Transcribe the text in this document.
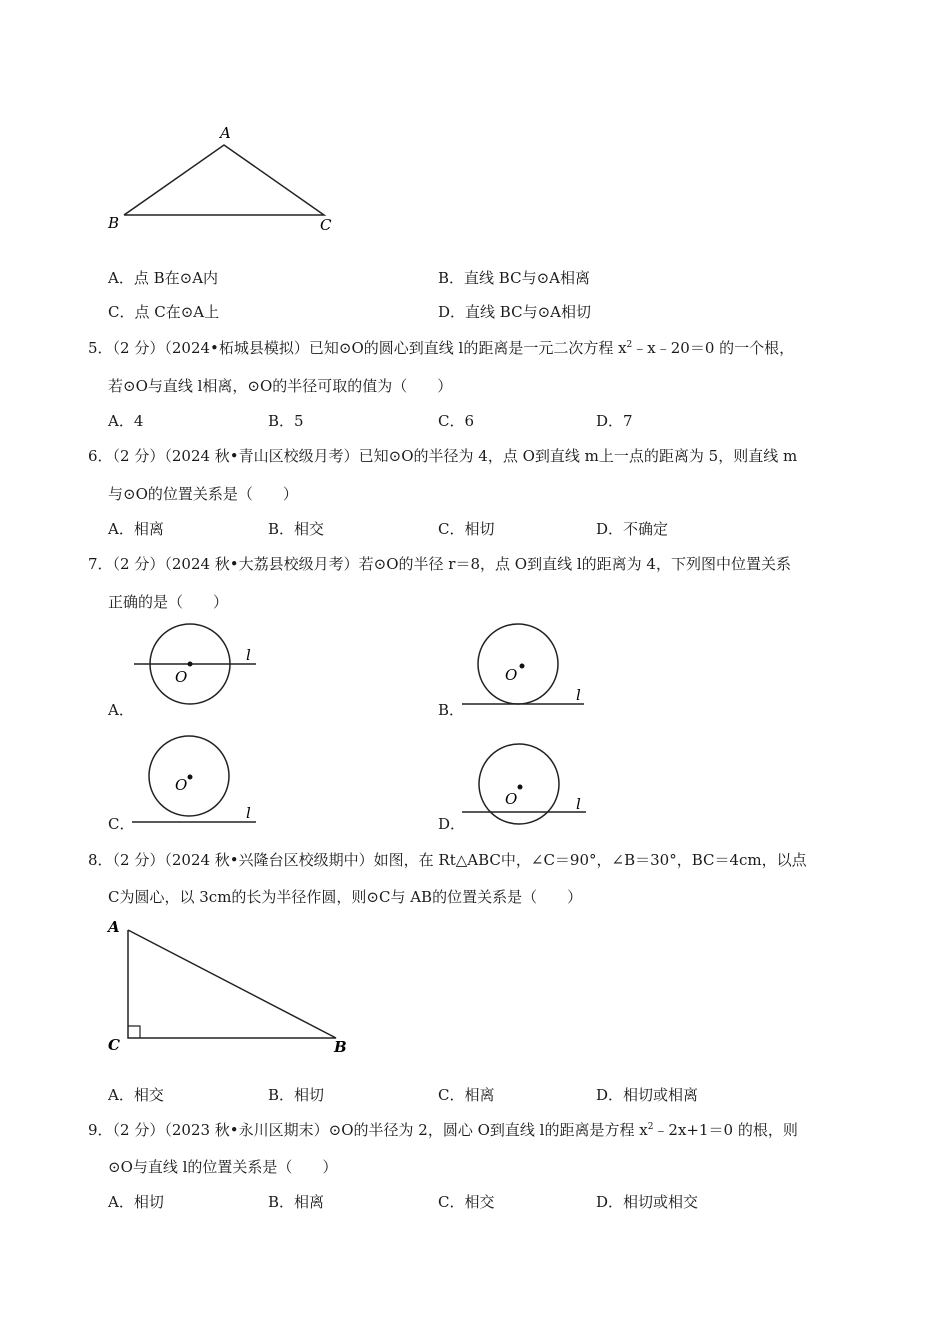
A
B	C
A．点 B在⊙A内	B．直线 BC与⊙A相离
C．点 C在⊙A上	D．直线 BC与⊙A相切
5．（2 分）（2024•柘城县模拟）已知⊙O的圆心到直线 l的距离是一元二次方程 $x^2﹣x﹣20=0$ 的一个根，
若⊙O与直线 l相离，⊙O的半径可取的值为（　　）
A．4	B．5	C．6	D．7
6．（2 分）（2024 秋•青山区校级月考）已知⊙O的半径为 4，点 O到直线 m上一点的距离为 5，则直线 m
与⊙O的位置关系是（　　）
A．相离	B．相交	C．相切	D．不确定
7．（2 分）（2024 秋•大荔县校级月考）若⊙O的半径 r＝8，点 O到直线 l的距离为 4，下列图中位置关系
正确的是（　　）
A．
O
l
B．
O
l
C．
O
l
D．
O	l
8．（2 分）（2024 秋•兴隆台区校级期中）如图，在 Rt△ABC中，∠C＝90°，∠B＝30°，BC＝4cm，以点
C为圆心，以 3cm的长为半径作圆，则⊙C与 AB的位置关系是（　　）
A
C	B
A．相交	B．相切	C．相离	D．相切或相离
9．（2 分）（2023 秋•永川区期末）⊙O的半径为 2，圆心 O到直线 l的距离是方程 $x^2﹣2x+1=0$ 的根，则
⊙O与直线 l的位置关系是（　　）
A．相切	B．相离	C．相交	D．相切或相交
